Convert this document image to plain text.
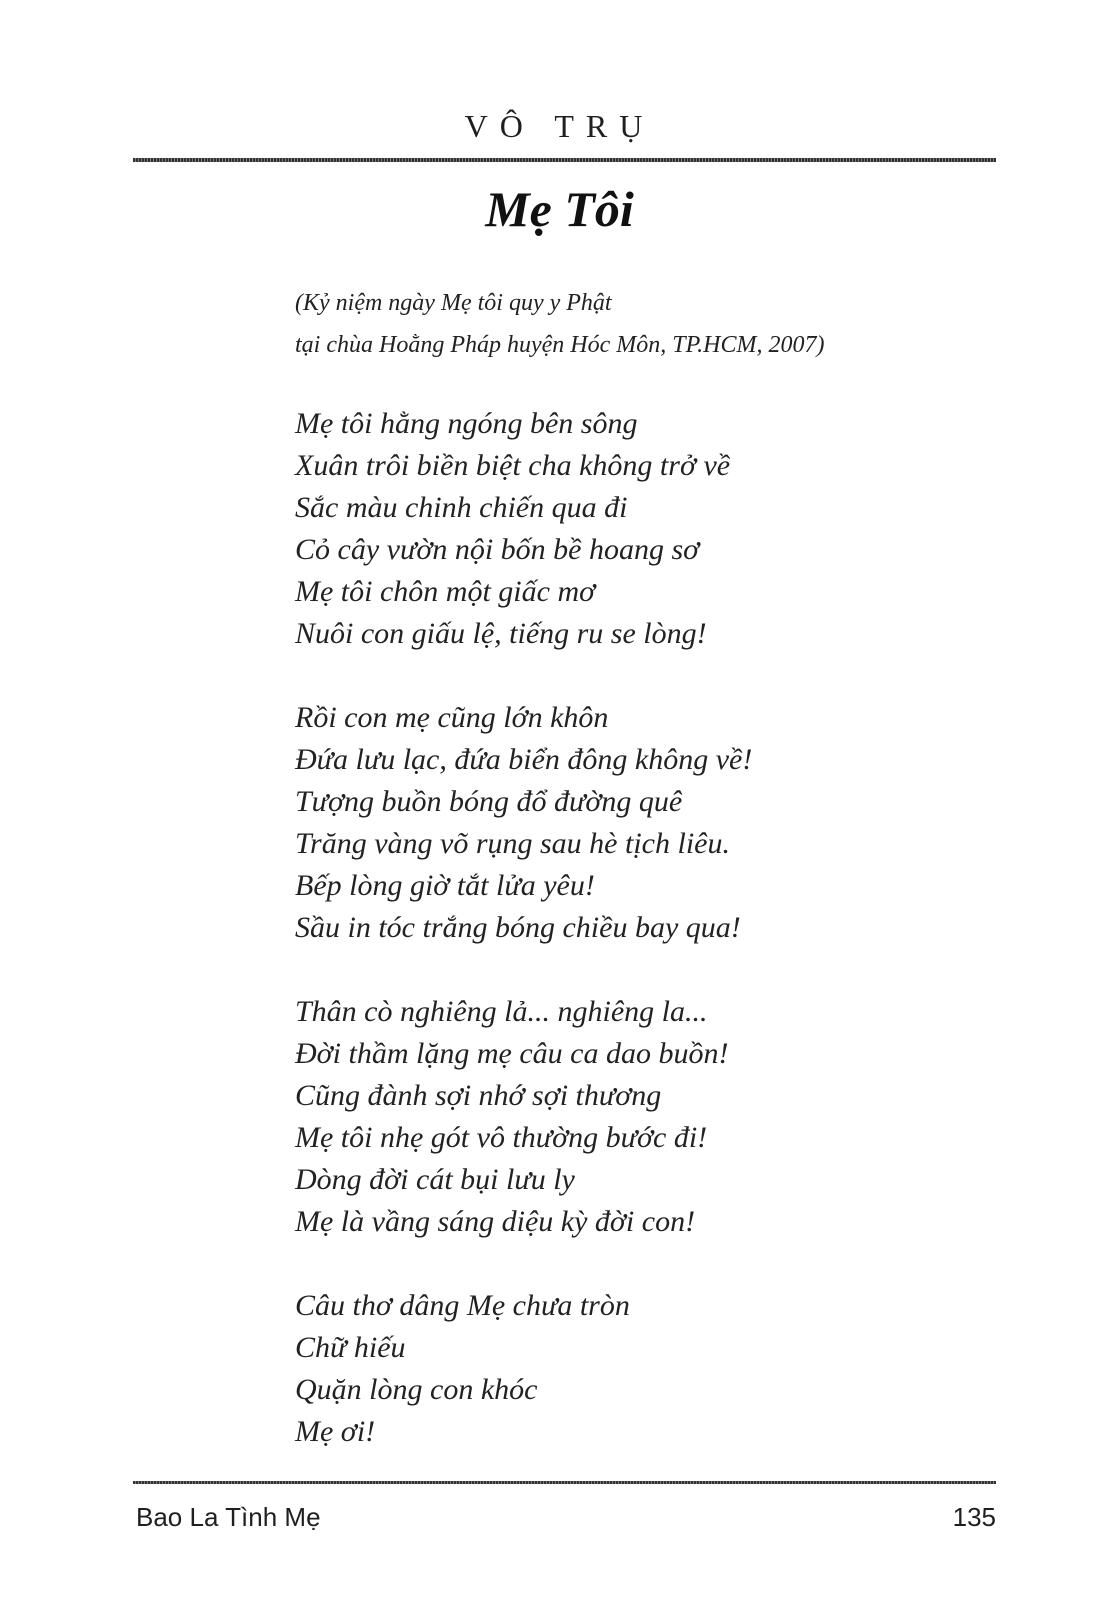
VÔ TRỤ
Mẹ Tôi
(Kỷ niệm ngày Mẹ tôi quy y Phật
tại chùa Hoằng Pháp huyện Hóc Môn, TP.HCM, 2007)
Mẹ tôi hằng ngóng bên sông
Xuân trôi biền biệt cha không trở về
Sắc màu chinh chiến qua đi
Cỏ cây vườn nội bốn bề hoang sơ
Mẹ tôi chôn một giấc mơ
Nuôi con giấu lệ, tiếng ru se lòng!
Rồi con mẹ cũng lớn khôn
Đứa lưu lạc, đứa biển đông không về!
Tượng buồn bóng đổ đường quê
Trăng vàng võ rụng sau hè tịch liêu.
Bếp lòng giờ tắt lửa yêu!
Sầu in tóc trắng bóng chiều bay qua!
Thân cò nghiêng lả... nghiêng la...
Đời thầm lặng mẹ câu ca dao buồn!
Cũng đành sợi nhớ sợi thương
Mẹ tôi nhẹ gót vô thường bước đi!
Dòng đời cát bụi lưu ly
Mẹ là vầng sáng diệu kỳ đời con!
Câu thơ dâng Mẹ chưa tròn
Chữ hiếu
Quặn lòng con khóc
Mẹ ơi!
Bao La Tình Mẹ	135
